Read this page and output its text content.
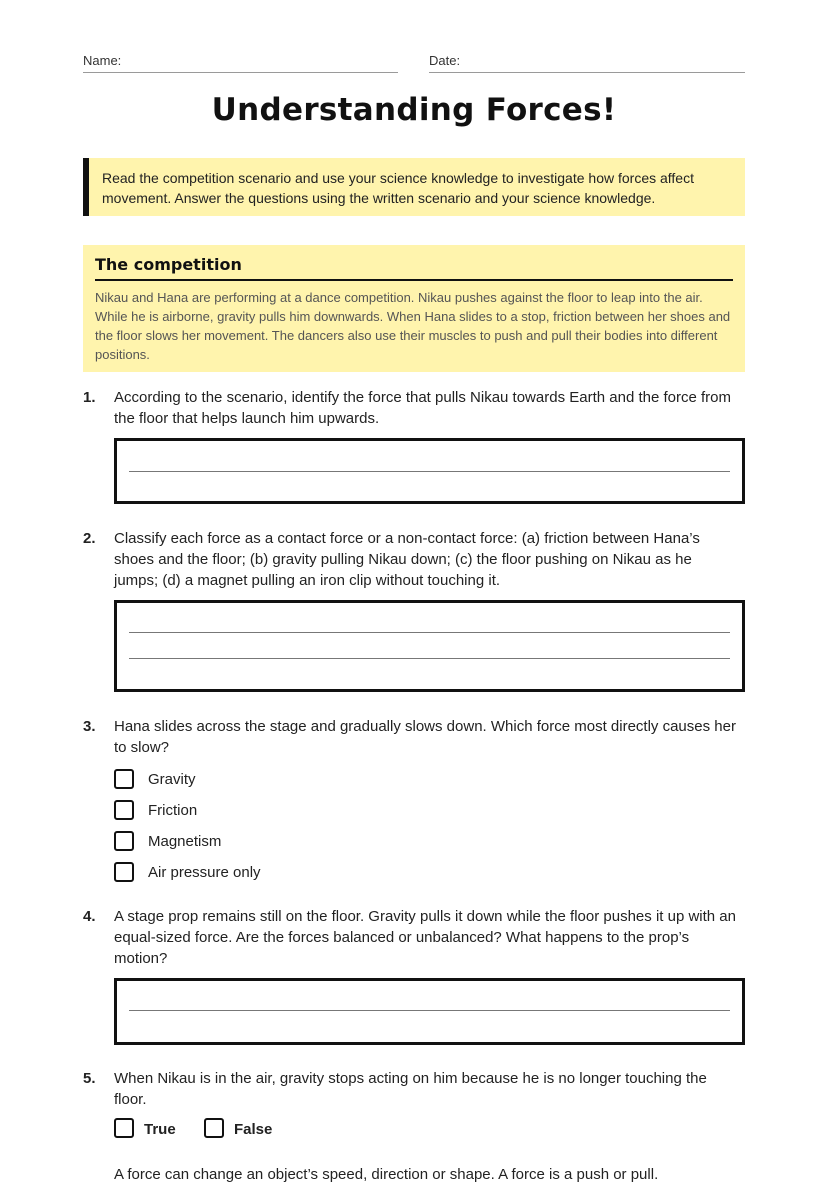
Name:	Date:
Understanding Forces!
Read the competition scenario and use your science knowledge to investigate how forces affect movement. Answer the questions using the written scenario and your science knowledge.
The competition
Nikau and Hana are performing at a dance competition. Nikau pushes against the floor to leap into the air. While he is airborne, gravity pulls him downwards. When Hana slides to a stop, friction between her shoes and the floor slows her movement. The dancers also use their muscles to push and pull their bodies into different positions.
1. According to the scenario, identify the force that pulls Nikau towards Earth and the force from the floor that helps launch him upwards.
2. Classify each force as a contact force or a non-contact force: (a) friction between Hana’s shoes and the floor; (b) gravity pulling Nikau down; (c) the floor pushing on Nikau as he jumps; (d) a magnet pulling an iron clip without touching it.
3. Hana slides across the stage and gradually slows down. Which force most directly causes her to slow?
Gravity
Friction
Magnetism
Air pressure only
4. A stage prop remains still on the floor. Gravity pulls it down while the floor pushes it up with an equal-sized force. Are the forces balanced or unbalanced? What happens to the prop’s motion?
5. When Nikau is in the air, gravity stops acting on him because he is no longer touching the floor.
True	False
A force can change an object’s speed, direction or shape. A force is a push or pull.
